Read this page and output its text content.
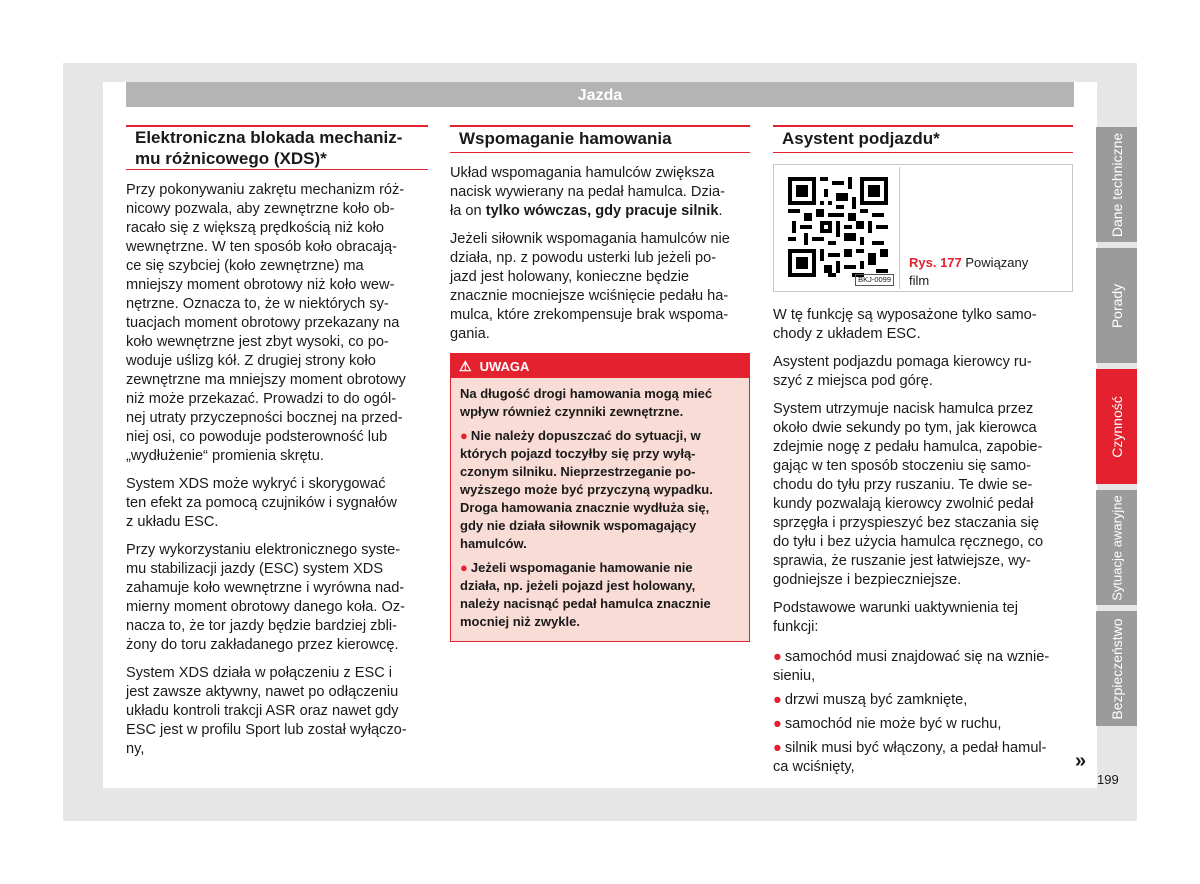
Jazda
Elektroniczna blokada mechaniz-
mu różnicowego (XDS)*

Przy pokonywaniu zakrętu mechanizm róż-
nicowy pozwala, aby zewnętrzne koło ob-
racało się z większą prędkością niż koło
wewnętrzne. W ten sposób koło obracają-
ce się szybciej (koło zewnętrzne) ma
mniejszy moment obrotowy niż koło wew-
nętrzne. Oznacza to, że w niektórych sy-
tuacjach moment obrotowy przekazany na
koło wewnętrzne jest zbyt wysoki, co po-
woduje uślizg kół. Z drugiej strony koło
zewnętrzne ma mniejszy moment obrotowy
niż może przekazać. Prowadzi to do ogól-
nej utraty przyczepności bocznej na przed-
niej osi, co powoduje podsterowność lub
„wydłużenie“ promienia skrętu.

System XDS może wykryć i skorygować
ten efekt za pomocą czujników i sygnałów
z układu ESC.

Przy wykorzystaniu elektronicznego syste-
mu stabilizacji jazdy (ESC) system XDS
zahamuje koło wewnętrzne i wyrówna nad-
mierny moment obrotowy danego koła. Oz-
nacza to, że tor jazdy będzie bardziej zbli-
żony do toru zakładanego przez kierowcę.

System XDS działa w połączeniu z ESC i
jest zawsze aktywny, nawet po odłączeniu
układu kontroli trakcji ASR oraz nawet gdy
ESC jest w profilu Sport lub został wyłączo-
ny,

Wspomaganie hamowania

Układ wspomagania hamulców zwiększa
nacisk wywierany na pedał hamulca. Dzia-
ła on tylko wówczas, gdy pracuje silnik.

Jeżeli siłownik wspomagania hamulców nie
działa, np. z powodu usterki lub jeżeli po-
jazd jest holowany, konieczne będzie
znacznie mocniejsze wciśnięcie pedału ha-
mulca, które zrekompensuje brak wspoma-
gania.

⚠ UWAGA

Na długość drogi hamowania mogą mieć
wpływ również czynniki zewnętrzne.

● Nie należy dopuszczać do sytuacji, w
których pojazd toczyłby się przy wyłą-
czonym silniku. Nieprzestrzeganie po-
wyższego może być przyczyną wypadku.
Droga hamowania znacznie wydłuża się,
gdy nie działa siłownik wspomagający
hamulców.

● Jeżeli wspomaganie hamowanie nie
działa, np. jeżeli pojazd jest holowany,
należy nacisnąć pedał hamulca znacznie
mocniej niż zwykle.

Asystent podjazdu*
BKJ-0099
Rys. 177 Powiązany
film

W tę funkcję są wyposażone tylko samo-
chody z układem ESC.

Asystent podjazdu pomaga kierowcy ru-
szyć z miejsca pod górę.

System utrzymuje nacisk hamulca przez
około dwie sekundy po tym, jak kierowca
zdejmie nogę z pedału hamulca, zapobie-
gając w ten sposób stoczeniu się samo-
chodu do tyłu przy ruszaniu. Te dwie se-
kundy pozwalają kierowcy zwolnić pedał
sprzęgła i przyspieszyć bez staczania się
do tyłu i bez użycia hamulca ręcznego, co
sprawia, że ruszanie jest łatwiejsze, wy-
godniejsze i bezpieczniejsze.

Podstawowe warunki uaktywnienia tej
funkcji:

● samochód musi znajdować się na wznie-
sieniu,

● drzwi muszą być zamknięte,

● samochód nie może być w ruchu,

● silnik musi być włączony, a pedał hamul-
ca wciśnięty,

Dane techniczne
Porady
Czynność
Sytuacje awaryjne
Bezpieczeństwo
»
199
